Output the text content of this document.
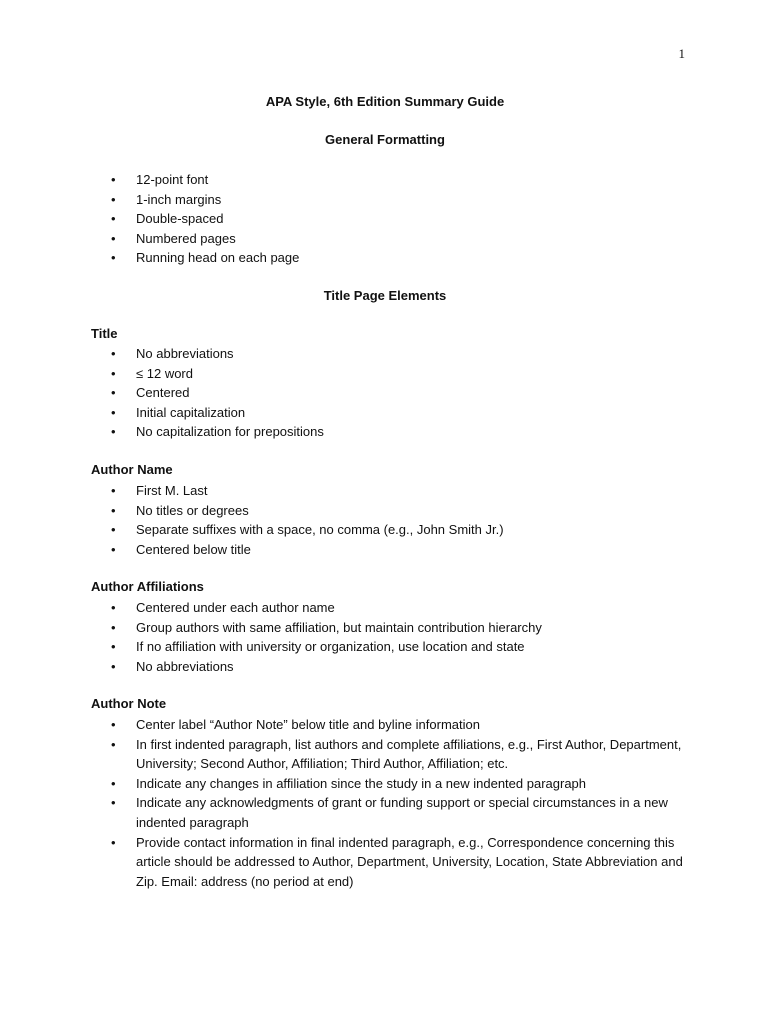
1
APA Style, 6th Edition Summary Guide
General Formatting
• 12-point font
• 1-inch margins
• Double-spaced
• Numbered pages
• Running head on each page
Title Page Elements
Title
• No abbreviations
• ≤ 12 word
• Centered
• Initial capitalization
• No capitalization for prepositions
Author Name
• First M. Last
• No titles or degrees
• Separate suffixes with a space, no comma (e.g., John Smith Jr.)
• Centered below title
Author Affiliations
• Centered under each author name
• Group authors with same affiliation, but maintain contribution hierarchy
• If no affiliation with university or organization, use location and state
• No abbreviations
Author Note
• Center label “Author Note” below title and byline information
• In first indented paragraph, list authors and complete affiliations, e.g., First Author, Department, University; Second Author, Affiliation; Third Author, Affiliation; etc.
• Indicate any changes in affiliation since the study in a new indented paragraph
• Indicate any acknowledgments of grant or funding support or special circumstances in a new indented paragraph
• Provide contact information in final indented paragraph, e.g., Correspondence concerning this article should be addressed to Author, Department, University, Location, State Abbreviation and Zip. Email: address (no period at end)
